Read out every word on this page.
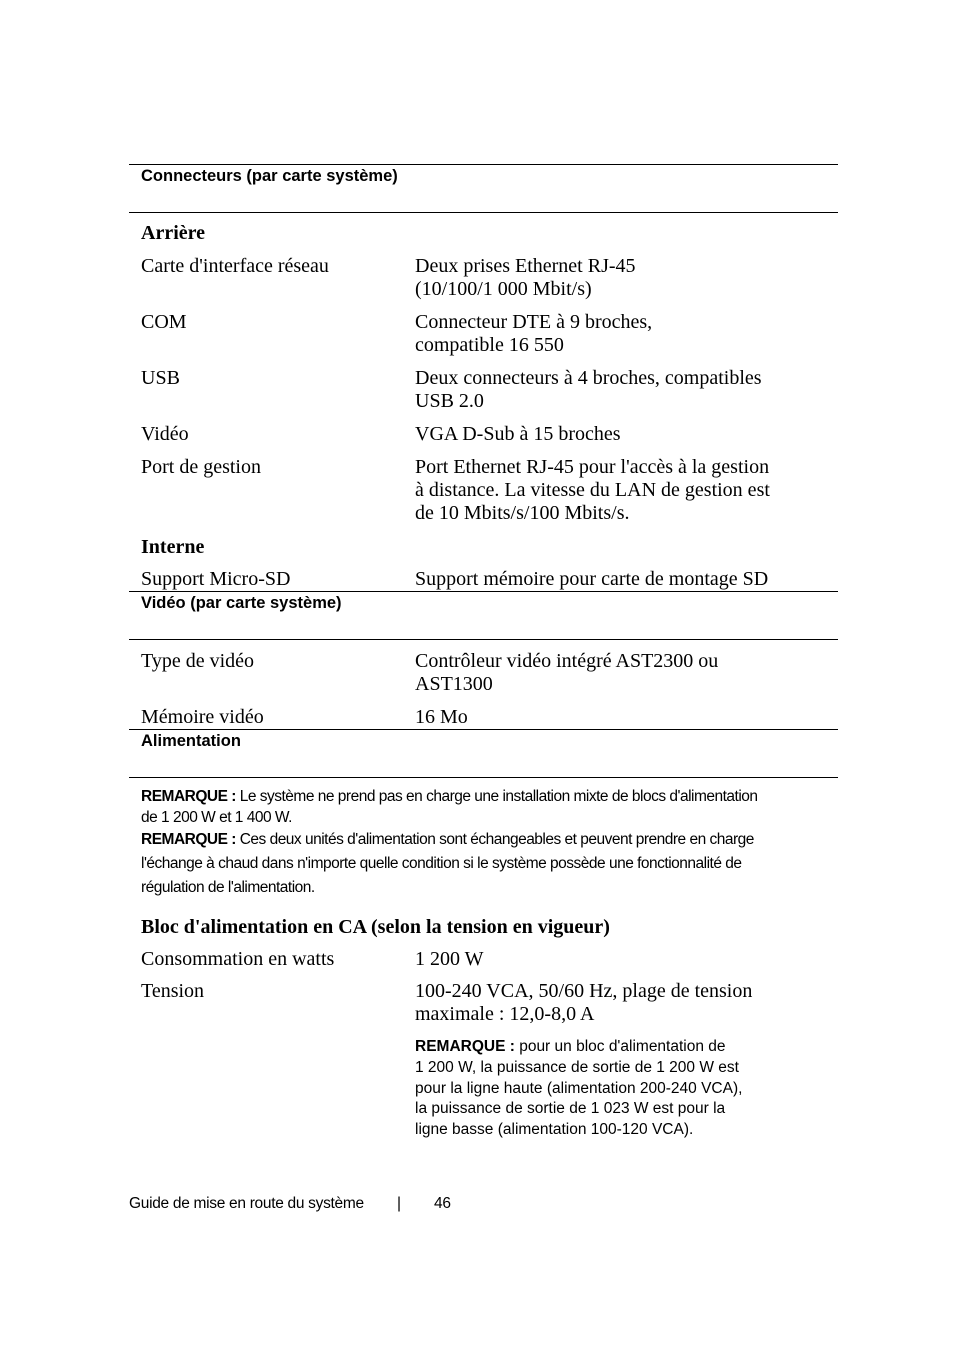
Connecteurs (par carte système)
Arrière
Carte d'interface réseau	Deux prises Ethernet RJ-45
(10/100/1 000 Mbit/s)
COM	Connecteur DTE à 9 broches,
compatible 16 550
USB	Deux connecteurs à 4 broches, compatibles
USB 2.0
Vidéo	VGA D-Sub à 15 broches
Port de gestion	Port Ethernet RJ-45 pour l'accès à la gestion
à distance. La vitesse du LAN de gestion est
de 10 Mbits/s/100 Mbits/s.
Interne
Support Micro-SD	Support mémoire pour carte de montage SD
Vidéo (par carte système)
Type de vidéo	Contrôleur vidéo intégré AST2300 ou
AST1300
Mémoire vidéo	16 Mo
Alimentation
REMARQUE : Le système ne prend pas en charge une installation mixte de blocs d'alimentation
de 1 200 W et 1 400 W.
REMARQUE : Ces deux unités d'alimentation sont échangeables et peuvent prendre en charge
l'échange à chaud dans n'importe quelle condition si le système possède une fonctionnalité de
régulation de l'alimentation.
Bloc d'alimentation en CA (selon la tension en vigueur)
Consommation en watts	1 200 W
Tension	100-240 VCA, 50/60 Hz, plage de tension
maximale : 12,0-8,0 A
REMARQUE : pour un bloc d'alimentation de
1 200 W, la puissance de sortie de 1 200 W est
pour la ligne haute (alimentation 200-240 VCA),
la puissance de sortie de 1 023 W est pour la
ligne basse (alimentation 100-120 VCA).
Guide de mise en route du système | 46
